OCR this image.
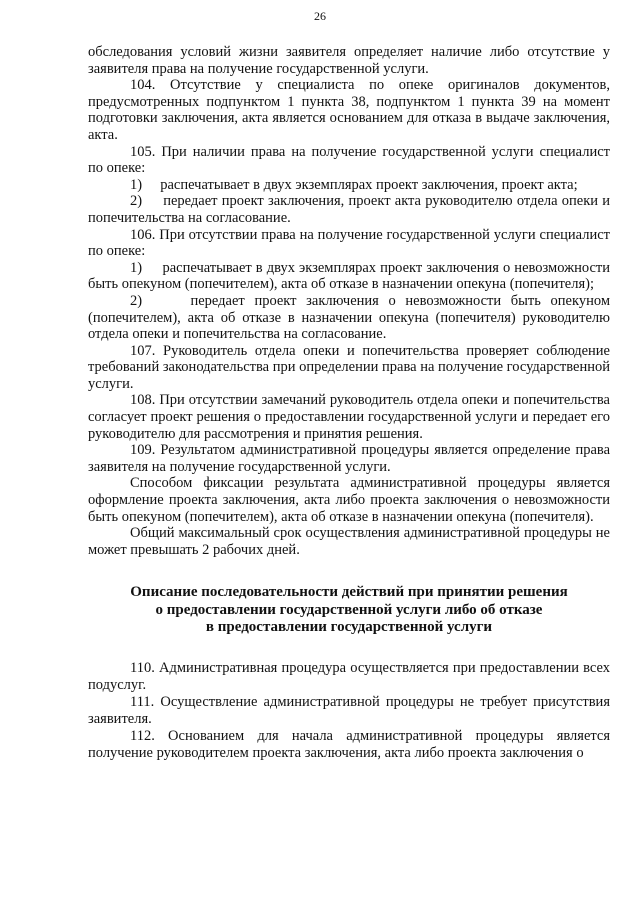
26

обследования условий жизни заявителя определяет наличие либо отсутствие у заявителя права на получение государственной услуги.

104. Отсутствие у специалиста по опеке оригиналов документов, предусмотренных подпунктом 1 пункта 38, подпунктом 1 пункта 39 на момент подготовки заключения, акта является основанием для отказа в выдаче заключения, акта.

105. При наличии права на получение государственной услуги специалист по опеке:

1) распечатывает в двух экземплярах проект заключения, проект акта;

2) передает проект заключения, проект акта руководителю отдела опеки и попечительства на согласование.

106. При отсутствии права на получение государственной услуги специалист по опеке:

1) распечатывает в двух экземплярах проект заключения о невозможности быть опекуном (попечителем), акта об отказе в назначении опекуна (попечителя);

2)	передает проект заключения о невозможности быть опекуном (попечителем), акта об отказе в назначении опекуна (попечителя) руководителю отдела опеки и попечительства на согласование.

107. Руководитель отдела опеки и попечительства проверяет соблюдение требований законодательства при определении права на получение государственной услуги.

108. При отсутствии замечаний руководитель отдела опеки и попечительства согласует проект решения о предоставлении государственной услуги и передает его руководителю для рассмотрения и принятия решения.

109. Результатом административной процедуры является определение права заявителя на получение государственной услуги.

Способом фиксации результата административной процедуры является оформление проекта заключения, акта либо проекта заключения о невозможности быть опекуном (попечителем), акта об отказе в назначении опекуна (попечителя).

Общий максимальный срок осуществления административной процедуры не может превышать 2 рабочих дней.

Описание последовательности действий при принятии решения
о предоставлении государственной услуги либо об отказе
в предоставлении государственной услуги

110. Административная процедура осуществляется при предоставлении всех подуслуг.

111. Осуществление административной процедуры не требует присутствия заявителя.

112. Основанием для начала административной процедуры является получение руководителем проекта заключения, акта либо проекта заключения о
